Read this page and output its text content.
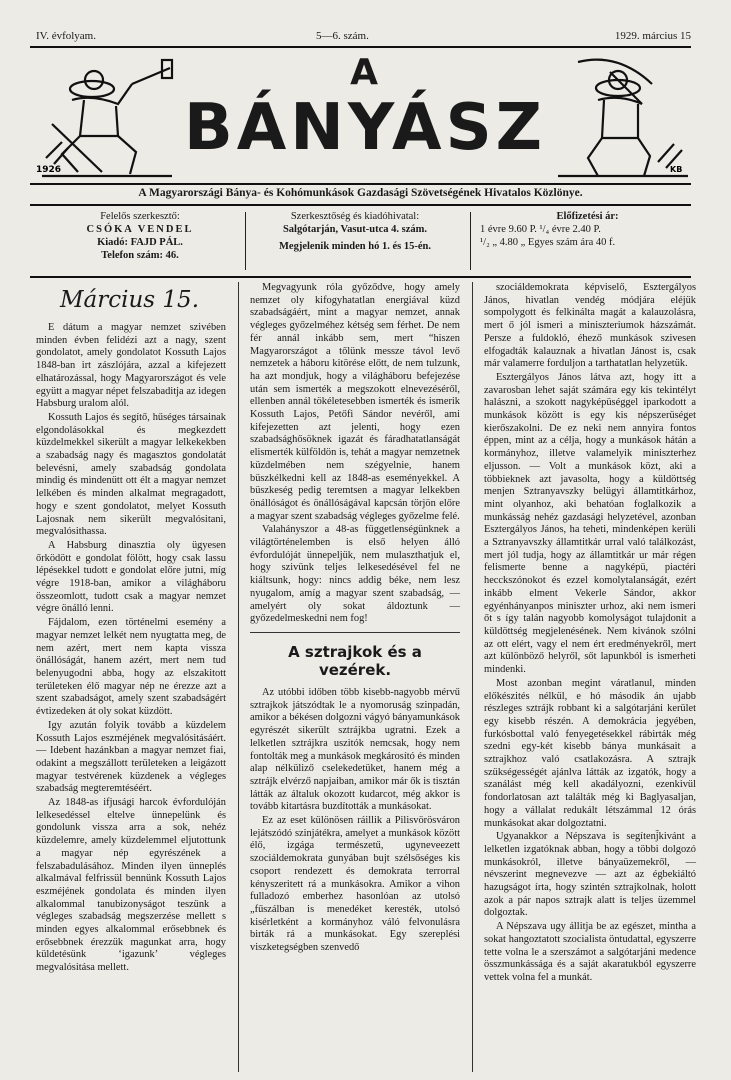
IV. évfolyam.	5—6. szám.	1929. március 15
1926
A
BÁNYÁSZ
KB
A Magyarországi Bánya- és Kohómunkások Gazdasági Szövetségének Hivatalos Közlönye.
Felelős szerkesztő:
CSÓKA VENDEL
Kiadó: FAJD PÁL.
Telefon szám: 46.
Szerkesztőség és kiadóhivatal:
Salgótarján, Vasut-utca 4. szám.
Megjelenik minden hó 1. és 15-én.
Előfizetési ár:
1 évre 9.60 P. ¹/₄ évre 2.40 P.
¹/₂ „ 4.80 „ Egyes szám ára 40 f.
Március 15.

E dátum a magyar nemzet szivében minden évben felidézi azt a nagy, szent gondolatot, amely gondolatot Kossuth Lajos 1848-ban irt zászlójára, azzal a kifejezett elhatározással, hogy Magyarországot és vele együtt a magyar népet felszabaditja az idegen Habsburg uralom alól.

Kossuth Lajos és segítő, hűséges társainak elgondolásokkal és megkezdett küzdelmekkel sikerült a magyar lelkekekben a szabadság nagy és magasztos gondolatát belevésni, amely szabadság gondolata mindig és mindenütt ott élt a magyar nemzet lelkében és minden alkalmat megragadott, hogy e szent gondolatot, melyet Kossuth Lajosnak nem sikerült megvalósitani, megvalósithassa.

A Habsburg dinasztia oly ügyesen őrködött e gondolat fölött, hogy csak lassu lépésekkel tudott e gondolat előre jutni, míg végre 1918-ban, amikor a világháboru összeomlott, tudott csak a magyar nemzet végre önálló lenni.

Fájdalom, ezen történelmi esemény a magyar nemzet lelkét nem nyugtatta meg, de nem azért, mert nem kapta vissza önállóságát, hanem azért, mert nem tud belenyugodni abba, hogy az elszakitott területeken élő magyar nép ne érezze azt a szent szabadságot, amely szent szabadságért évtizedeken át oly sokat küzdött.

Igy azután folyik tovább a küzdelem Kossuth Lajos eszméjének megvalósitásáért. — Idebent hazánkban a magyar nemzet fiai, odakint a megszállott területeken a leigázott magyar testvérenek küzdenek a végleges szabadság megteremtéséért.

Az 1848-as ifjusági harcok évfordulóján lelkesedéssel eltelve ünnepelünk és gondolunk vissza arra a sok, nehéz küzdelemre, amely küzdelemmel eljutottunk a magyar nép egyrészének a felszabadulásához. Minden ilyen ünneplés alkalmával felfrissül bennünk Kossuth Lajos eszméjének gondolata és minden ilyen alkalommal tanubizonyságot teszünk a végleges szabadság megszerzése mellett s minden egyes alkalommal erősebbnek és erősebbnek érezzük magunkat arra, hogy küldetésünk ‘igazunk’ végleges megvalósitása mellett.

Megvagyunk róla győződve, hogy amely nemzet oly kifogyhatatlan energiával küzd szabadságáért, mint a magyar nemzet, annak végleges győzelméhez kétség sem férhet. De nem fér annál inkább sem, mert “hiszen Magyarországot a tőlünk messze távol levő nemzetek a háboru kitörése előtt, de nem tulzunk, ha azt mondjuk, hogy a világháboru befejezése után sem ismerték a megszokott elnevezéséről, ellenben annál tökéletesebben ismerték és ismerik Kossuth Lajos, Petőfi Sándor nevéről, ami kifejezetten azt jelenti, hogy ezen szabadsághősöknek igazát és fáradhatatlanságát elismerték külföldön is, tehát a magyar nemzetnek küzdelmében nem szégyelnie, hanem büszkélkedni kell az 1848-as eseményekkel. A büszkeség pedig teremtsen a magyar lelkekben önállóságot és önállóságával kapcsán törjön előre a magyar szent szabadság végleges győzelme felé.

Valahányszor a 48-as függetlenségünknek a világtörténelemben is első helyen álló évfordulóját ünnepeljük, nem mulaszthatjuk el, hogy szivünk teljes lelkesedésével fel ne kiáltsunk, hogy: nincs addig béke, nem lesz nyugalom, amíg a magyar szent szabadság, — amelyért oly sokat áldoztunk — győzedelmeskedni nem fog!

A sztrajkok és a vezérek.

Az utóbbi időben több kisebb-nagyobb mérvű sztrajkok játszódtak le a nyomoruság szinpadán, amikor a békésen dolgozni vágyó bányamunkások egyrészét sikerült sztrájkba ugratni. Ezek a lelketlen sztrájkra uszitók nemcsak, hogy nem fontolták meg a munkások megkárosító és minden alap nélküliző cselekedetüket, hanem még a sztrájk elvérző napjaiban, amikor már ők is tisztán látták az általuk okozott kudarcot, még akkor is tovább kitartásra buzdították a munkásokat.

Ez az eset különösen ráillik a Pilisvörösváron lejátszódó szinjátékra, amelyet a munkások között élő, izgága természetű, ugyneveezett szociáldemokrata gunyában bujt szélsőséges kis csoport rendezett és demokrata terrorral kényszeritett rá a munkásokra. Amikor a vihon fulladozó emberhez hasonlóan az utolsó „fűszálban is menedéket keresték, utolsó kisérletként a kormányhoz váló felvonulásra birták rá a munkásokat. Egy szereplési viszketegségben szenvedő

szociáldemokrata képviselő, Esztergályos János, hivatlan vendég módjára eléjük sompolygott és felkinálta magát a kalauzolásra, mert ő jól ismeri a miniszteriumok házszámát. Persze a fuldokló, éhező munkások szivesen elfogadták kalauznak a hivatlan Jánost is, csak már valamerre forduljon a tarthatatlan helyzetük.

Esztergályos János látva azt, hogy itt a zavarosban lehet saját számára egy kis tekintélyt halászni, a szokott nagyképüséggel iparkodott a munkások között is egy kis népszerüséget kierőszakolni. De ez neki nem annyira fontos éppen, mint az a célja, hogy a munkások hátán a kormányhoz, illetve valamelyik miniszterhez eljusson. — Volt a munkások közt, aki a többieknek azt javasolta, hogy a küldöttség menjen Sztranyavszky belügyi államtitkárhoz, mint olyanhoz, aki behatóan foglalkozik a munkásság nehéz gazdasági helyzetével, azonban Esztergályos János, ha teheti, mindenképen kerüli a Sztranyavszky államtitkár urral való találkozást, mert jól tudja, hogy az államtitkár ur már régen felismerte benne a nagyképü, piactéri hecckszónokot és ezzel komolytalanságát, ezért inkább elment Vekerle Sándor, akkor egyénhányanpos miniszter urhoz, aki nem ismeri őt s így talán nagyobb komolyságot tulajdonit a küldöttség megjelenésének. Nem kivánok szólni az ott elért, vagy el nem ért eredményekről, mert azt különböző helyről, sőt lapunkból is ismerheti mindenki.

Most azonban megint váratlanul, minden előkészités nélkül, e hó második án ujabb részleges sztrájk robbant ki a salgótarjáni kerület egy kisebb részén. A demokrácia jegyében, furkósbottal való fenyegetésekkel rábirták még szedni egy-két kisebb bánya munkásait a sztrajkhoz való csatlakozásra. A sztrajk szükségességét ajánlva látták az izgatók, hogy a szanálást még kell akadályozni, ezenkivül fondorlatosan azt találták még ki Baglyasaljan, hogy a vállalat redukált létszámmal 12 órás munkásokat akar dolgoztatni.

Ugyanakkor a Népszava is segítenj̃kivánt a lelketlen izgatóknak abban, hogy a többi dolgozó munkásokról, illetve bányaüzemekről, — névszerint megnevezve — azt az égbekiáltó hazugságot írta, hogy szintén sztrajkolnak, holott azok a pár napos sztrajk alatt is teljes üzemmel dolgoztak.

A Népszava ugy állitja be az egészet, mintha a sokat hangoztatott szocialista öntudattal, egyszerre tette volna le a szerszámot a salgótarjáni medence összmunkássága és a saját akaratukból egyszerre vettek volna fel a munkát.
